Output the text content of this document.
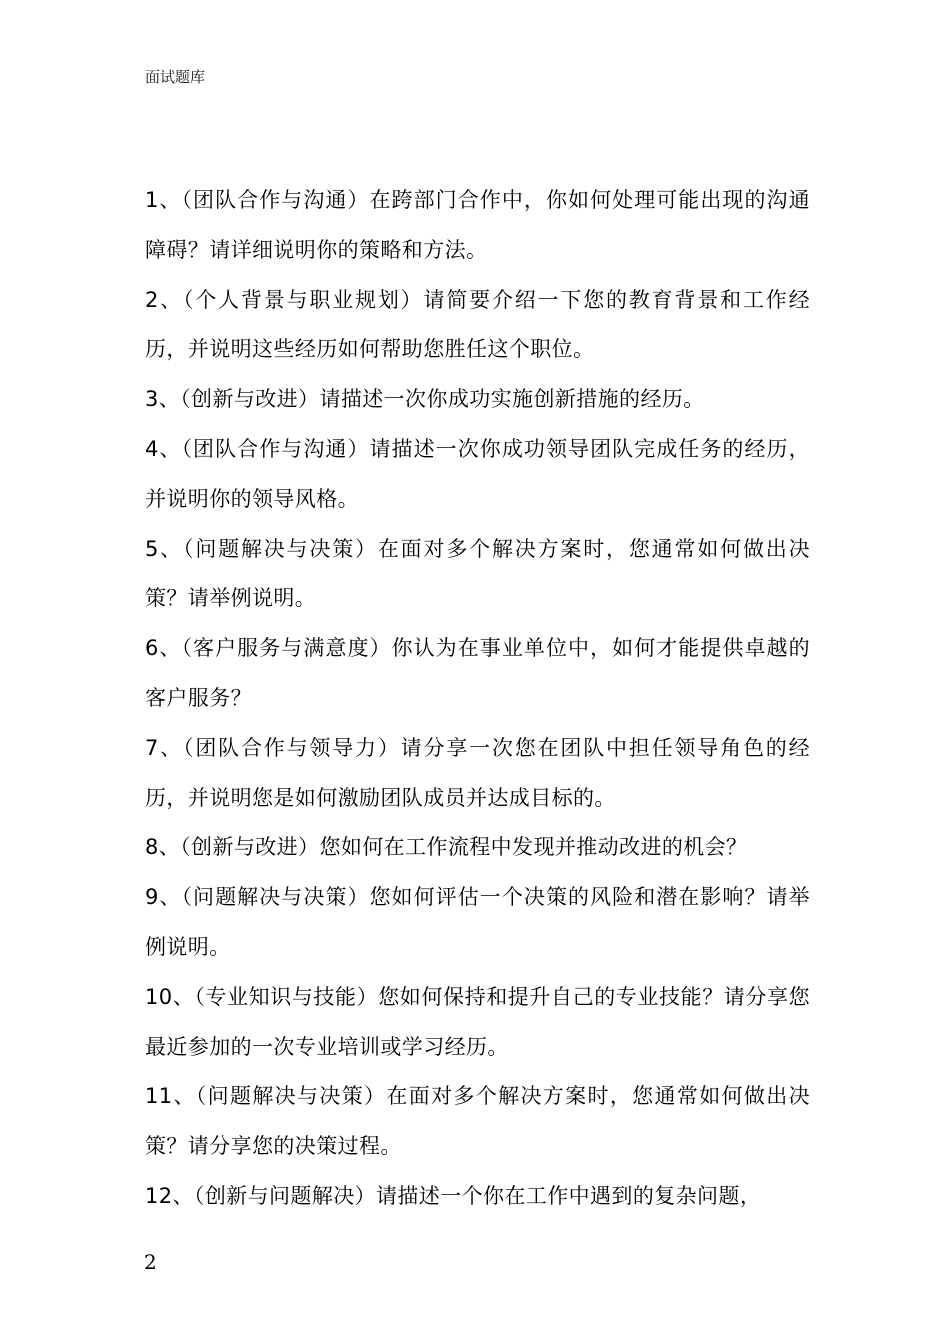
面试题库
1、（团队合作与沟通）在跨部门合作中，你如何处理可能出现的沟通障碍？请详细说明你的策略和方法。
2、（个人背景与职业规划）请简要介绍一下您的教育背景和工作经历，并说明这些经历如何帮助您胜任这个职位。
3、（创新与改进）请描述一次你成功实施创新措施的经历。
4、（团队合作与沟通）请描述一次你成功领导团队完成任务的经历，并说明你的领导风格。
5、（问题解决与决策）在面对多个解决方案时，您通常如何做出决策？请举例说明。
6、（客户服务与满意度）你认为在事业单位中，如何才能提供卓越的客户服务？
7、（团队合作与领导力）请分享一次您在团队中担任领导角色的经历，并说明您是如何激励团队成员并达成目标的。
8、（创新与改进）您如何在工作流程中发现并推动改进的机会？
9、（问题解决与决策）您如何评估一个决策的风险和潜在影响？请举例说明。
10、（专业知识与技能）您如何保持和提升自己的专业技能？请分享您最近参加的一次专业培训或学习经历。
11、（问题解决与决策）在面对多个解决方案时，您通常如何做出决策？请分享您的决策过程。
12、（创新与问题解决）请描述一个你在工作中遇到的复杂问题，
2
